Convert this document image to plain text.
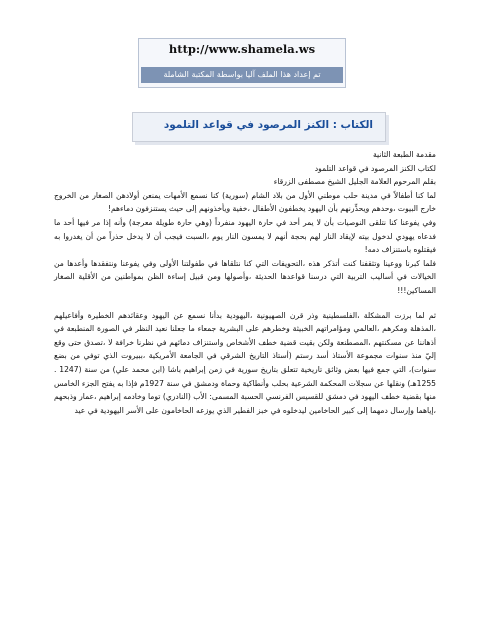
http://www.shamela.ws
تم إعداد هذا الملف آليا بواسطة المكتبة الشاملة
الكتاب : الكنز المرصود في قواعد التلمود

مقدمة الطبعة الثانية

لكتاب الكنز المرصود في قواعد التلمود

بقلم المرحوم العلامة الجليل الشيخ مصطفى الزرقاء

لما كنا أطفالاً في مدينة حلب موطني الأول من بلاد الشام (سورية) كنا نسمع الأمهات يمنعن أولادهن الصغار من الخروج خارج البيوت ،وحدهم ويحذِّرنهم بأن اليهود يخطفون الأطفال ،خفية ويأخذونهم إلى حيث يستنزفون دماءهم!

وفي يفوعنا كنا نتلقى النوصيات بأن لا يمر أحد في حارة اليهود منفرداً (وهي حارة طويلة معرجة) وأنه إذا مر فيها أحد ما فدعاه يهودي لدخول بيته لإيقاد النار لهم بحجة أنهم لا يمسون النار يوم ،السبت فيجب أن لا يدخل حذراً من أن يغدروا به فيقتلوه باستنزاف دمه!

فلما كبرنا ووعينا وتثقفنا كنت أتذكر هذه ،التحويفات التي كنا نتلقاها في طفولتنا الأولى وفي يفوعنا ونتفقدها وأعدها من الخيالات في أساليب التربية التي درسنا قواعدها الحديثة ،وأصولها ومن قبيل إساءة الظن بمواطنين من الأقلية الصغار المساكين!!!

ثم لما برزت المشكلة ،الفلسطينية وذر قرن الصهيونية ،اليهودية بدأنا نسمع عن اليهود وعقائدهم الخطيرة وأفاعيلهم ،المذهلة ومكرهم ،العالمي ومؤامراتهم الخبيثة وخطرهم على البشرية جمعاء ما جعلنا نعيد النظر في الصورة المنطبعة في أذهاننا عن مسكنتهم ،المصطنعة ولكن بقيت قضية خطف الأشخاص واستنزاف دمائهم في نظرنا خرافة لا ،تصدق حتى وقع إليّ منذ سنوات مجموعة الأستاذ أسد رستم (أستاذ التاريخ الشرقي في الجامعة الأمريكية ،ببيروت الذي توفي من بضع سنوات)، التي جمع فيها بعض وثائق تاريخية تتعلق بتاريخ سورية في زمن إبراهيم باشا (ابن محمد علي) من سنة (1247 . 1255هـ) ونقلها عن سجلات المحكمة الشرعية بحلب وأنطاكية وحماة ودمشق في سنة 1927م فإذا به يفتح الجزء الخامس منها بقضية خطف اليهود في دمشق للقسيس الفرنسي الحسبة المسمى: الأب (النادري) توما وخادمه إبراهيم ،عمار وذبحهم ،إياهما وإرسال دمهما إلى كبير الحاخامين ليدخلوه في خبز الفطير الذي يوزعه الحاخامون على الأسر اليهودية في عيد
